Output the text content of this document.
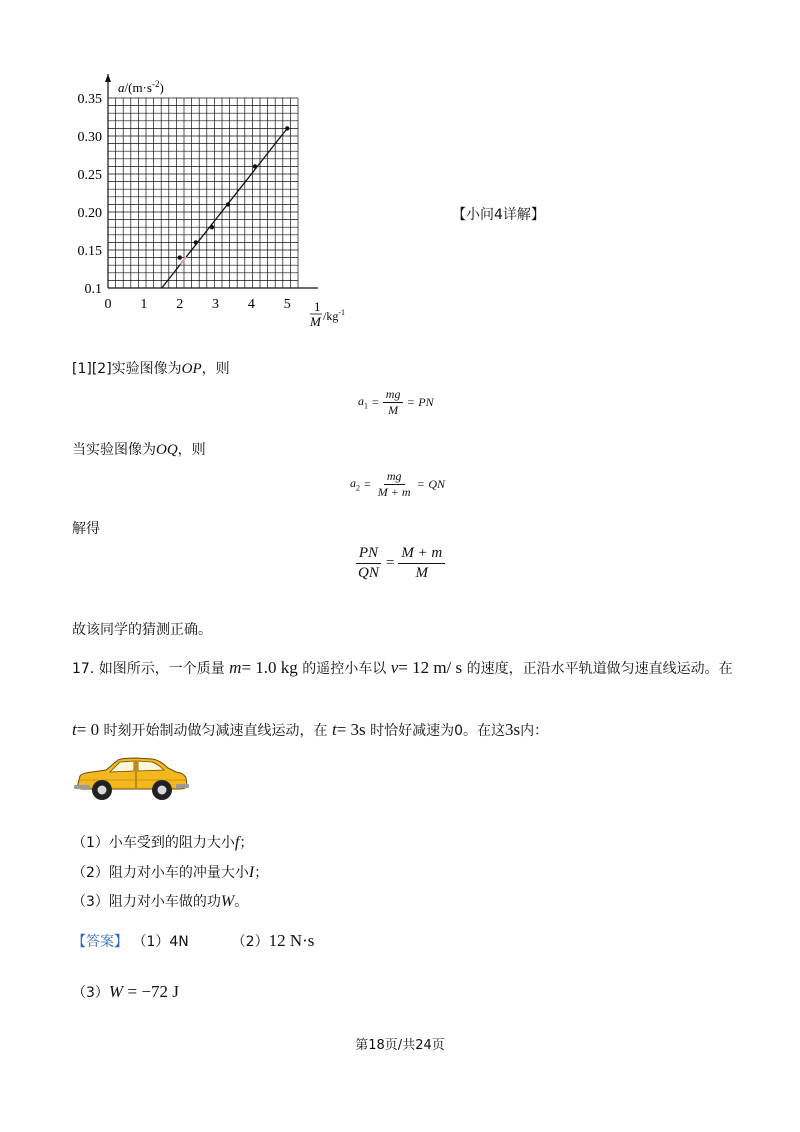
0.1
0.15
0.20
0.25
0.30
0.35
0 1 2 3 4 5
$a/(m\cdot s^{-2})$
1
M $/kg^{-1}$
【小问4详解】
[1][2]实验图像为OP，则
$a_1 = \frac{mg}{M}$ = PN
当实验图像为OQ，则
$a_2 = \frac{mg}{M + m}$ = QN
解得
$\frac{PN}{QN} = \frac{M + m}{M}$
故该同学的猜测正确。
17. 如图所示，一个质量 m= 1.0 kg 的遥控小车以 v= 12 m/ s 的速度，正沿水平轨道做匀速直线运动。在
t= 0 时刻开始制动做匀减速直线运动，在 t= 3s 时恰好减速为0。在这3s内：
（1）小车受到的阻力大小f；
（2）阻力对小车的冲量大小I；
（3）阻力对小车做的功W。
【答案】 （1）4N	（2）12 N·s
（3）W = −72 J
第18页/共24页
